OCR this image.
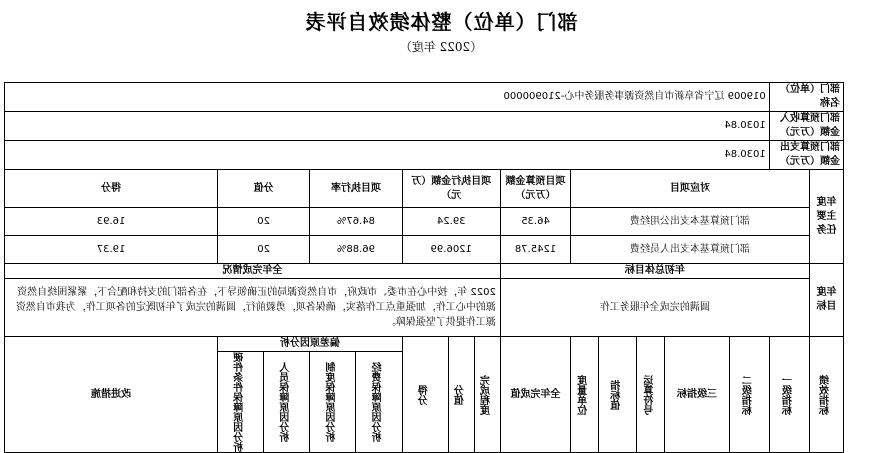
部门（单位）整体绩效自评表
（2022 年度）
部门（单位）名称		019009 辽宁省阜新市自然资源事务服务中心-210900000													
部门预算收入金额（万元）		1030.84													
部门预算支出金额（万元）		1030.84													
年度主要任务	对应项目						项目预算金额（万元）	项目执行金额（万元）			项目执行率		分值		得分
	部门预算基本支出公用经费						46.35	39.24			84.67%		20		16.93
	部门预算基本支出人员经费						1245.78	1206.99			96.88%		20		19.37
年度目标	年初总体目标							全年完成情况							
	圆满的完成全年服务工作							2022 年，按中心在市委、市政府，市自然资源局的正确领导下，在各部门的支持和配合下，紧紧围绕自然资源的中心工作，加强重点工作落实，确保各项，勇毅前行，圆满的完成了年初既定的各项工作，为我市自然资源工作提供了坚强保障。							

绩效指标	一级指标	二级指标	三级指标	运算符号	指标值	度量单位	全年完成值	完成程度	分值	得分	偏差原因分析				改进措施

											经费保障原因分析	制度保障原因分析	人员保障原因分析	硬件条件保障原因分析	
